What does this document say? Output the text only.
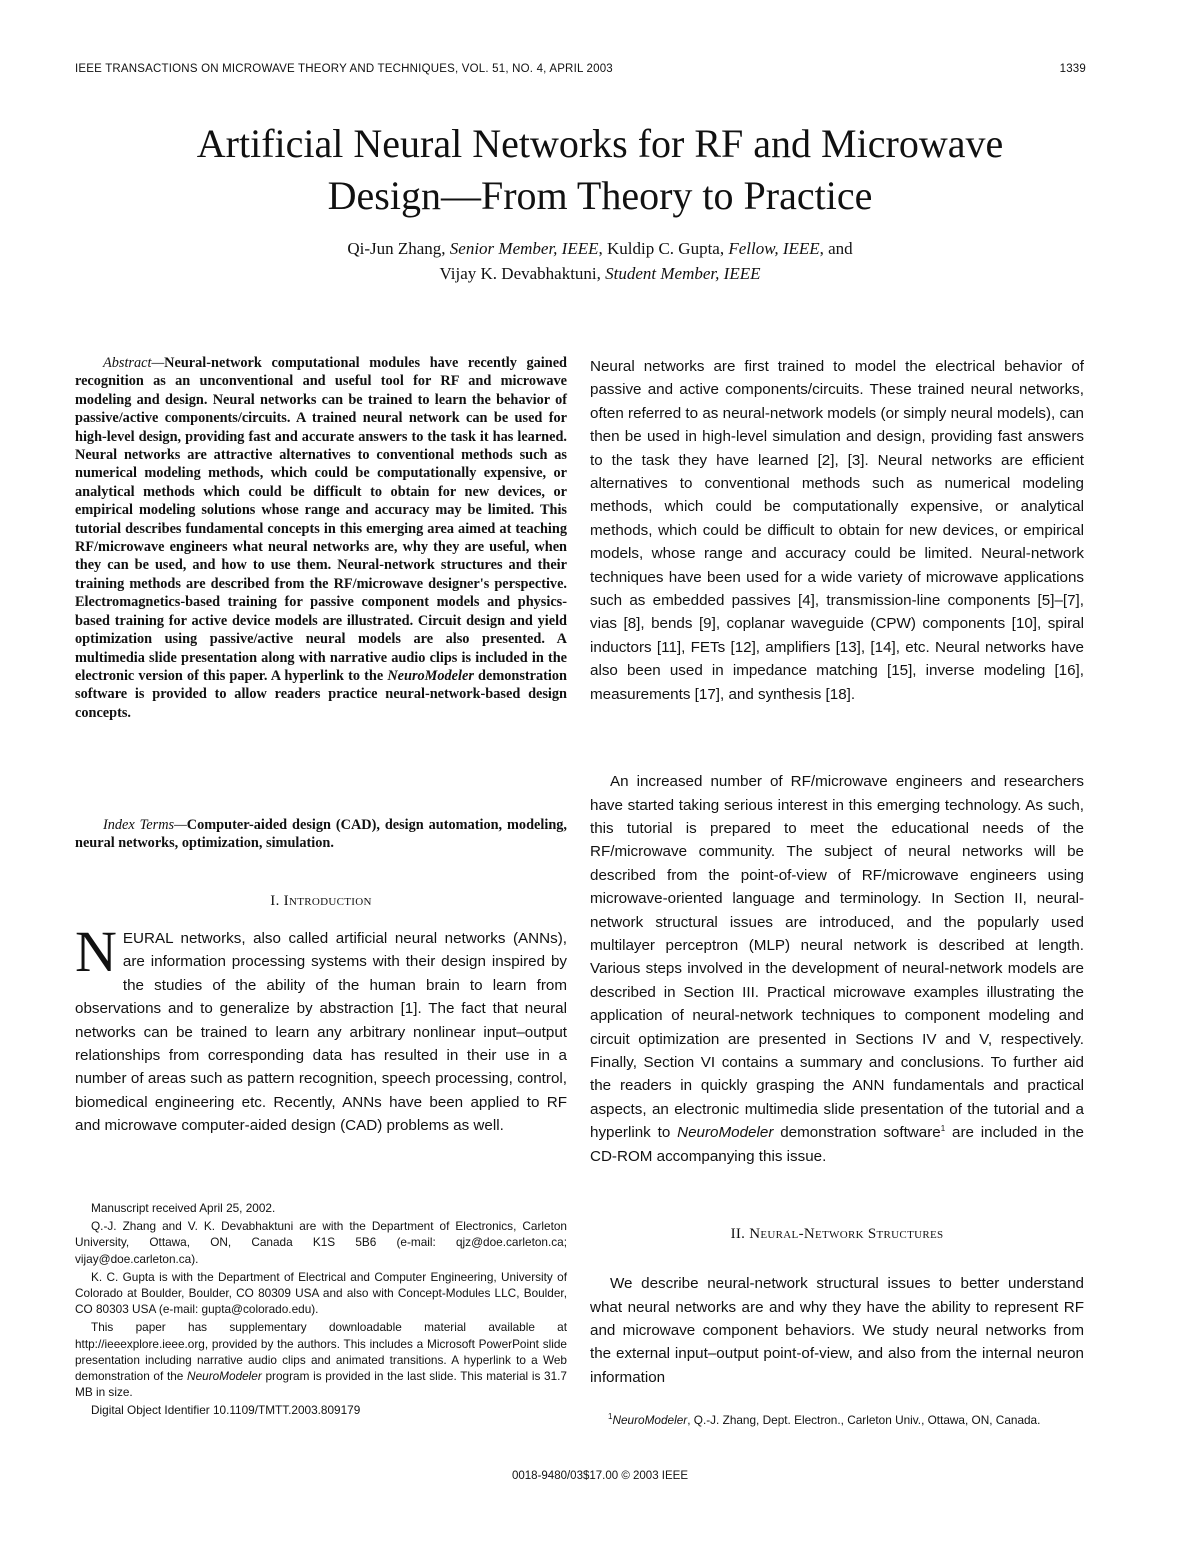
IEEE TRANSACTIONS ON MICROWAVE THEORY AND TECHNIQUES, VOL. 51, NO. 4, APRIL 2003	1339
Artificial Neural Networks for RF and Microwave
Design—From Theory to Practice
Qi-Jun Zhang, Senior Member, IEEE, Kuldip C. Gupta, Fellow, IEEE, and
Vijay K. Devabhaktuni, Student Member, IEEE

Abstract—Neural-network computational modules have recently gained recognition as an unconventional and useful tool for RF and microwave modeling and design. Neural networks can be trained to learn the behavior of passive/active components/circuits. A trained neural network can be used for high-level design, providing fast and accurate answers to the task it has learned. Neural networks are attractive alternatives to conventional methods such as numerical modeling methods, which could be computationally expensive, or analytical methods which could be difficult to obtain for new devices, or empirical modeling solutions whose range and accuracy may be limited. This tutorial describes fundamental concepts in this emerging area aimed at teaching RF/microwave engineers what neural networks are, why they are useful, when they can be used, and how to use them. Neural-network structures and their training methods are described from the RF/microwave designer's perspective. Electromagnetics-based training for passive component models and physics-based training for active device models are illustrated. Circuit design and yield optimization using passive/active neural models are also presented. A multimedia slide presentation along with narrative audio clips is included in the electronic version of this paper. A hyperlink to the NeuroModeler demonstration software is provided to allow readers practice neural-network-based design concepts.

Index Terms—Computer-aided design (CAD), design automation, modeling, neural networks, optimization, simulation.

I. Introduction

NEURAL networks, also called artificial neural networks (ANNs), are information processing systems with their design inspired by the studies of the ability of the human brain to learn from observations and to generalize by abstraction [1]. The fact that neural networks can be trained to learn any arbitrary nonlinear input–output relationships from corresponding data has resulted in their use in a number of areas such as pattern recognition, speech processing, control, biomedical engineering etc. Recently, ANNs have been applied to RF and microwave computer-aided design (CAD) problems as well.

Manuscript received April 25, 2002.

Q.-J. Zhang and V. K. Devabhaktuni are with the Department of Electronics, Carleton University, Ottawa, ON, Canada K1S 5B6 (e-mail: qjz@doe.carleton.ca; vijay@doe.carleton.ca).

K. C. Gupta is with the Department of Electrical and Computer Engineering, University of Colorado at Boulder, Boulder, CO 80309 USA and also with Concept-Modules LLC, Boulder, CO 80303 USA (e-mail: gupta@colorado.edu).

This paper has supplementary downloadable material available at http://ieeexplore.ieee.org, provided by the authors. This includes a Microsoft PowerPoint slide presentation including narrative audio clips and animated transitions. A hyperlink to a Web demonstration of the NeuroModeler program is provided in the last slide. This material is 31.7 MB in size.

Digital Object Identifier 10.1109/TMTT.2003.809179

Neural networks are first trained to model the electrical behavior of passive and active components/circuits. These trained neural networks, often referred to as neural-network models (or simply neural models), can then be used in high-level simulation and design, providing fast answers to the task they have learned [2], [3]. Neural networks are efficient alternatives to conventional methods such as numerical modeling methods, which could be computationally expensive, or analytical methods, which could be difficult to obtain for new devices, or empirical models, whose range and accuracy could be limited. Neural-network techniques have been used for a wide variety of microwave applications such as embedded passives [4], transmission-line components [5]–[7], vias [8], bends [9], coplanar waveguide (CPW) components [10], spiral inductors [11], FETs [12], amplifiers [13], [14], etc. Neural networks have also been used in impedance matching [15], inverse modeling [16], measurements [17], and synthesis [18].

An increased number of RF/microwave engineers and researchers have started taking serious interest in this emerging technology. As such, this tutorial is prepared to meet the educational needs of the RF/microwave community. The subject of neural networks will be described from the point-of-view of RF/microwave engineers using microwave-oriented language and terminology. In Section II, neural-network structural issues are introduced, and the popularly used multilayer perceptron (MLP) neural network is described at length. Various steps involved in the development of neural-network models are described in Section III. Practical microwave examples illustrating the application of neural-network techniques to component modeling and circuit optimization are presented in Sections IV and V, respectively. Finally, Section VI contains a summary and conclusions. To further aid the readers in quickly grasping the ANN fundamentals and practical aspects, an electronic multimedia slide presentation of the tutorial and a hyperlink to NeuroModeler demonstration software$^1$ are included in the CD-ROM accompanying this issue.

II. Neural-Network Structures

We describe neural-network structural issues to better understand what neural networks are and why they have the ability to represent RF and microwave component behaviors. We study neural networks from the external input–output point-of-view, and also from the internal neuron information

$^1$NeuroModeler, Q.-J. Zhang, Dept. Electron., Carleton Univ., Ottawa, ON, Canada.

0018-9480/03$17.00 © 2003 IEEE
